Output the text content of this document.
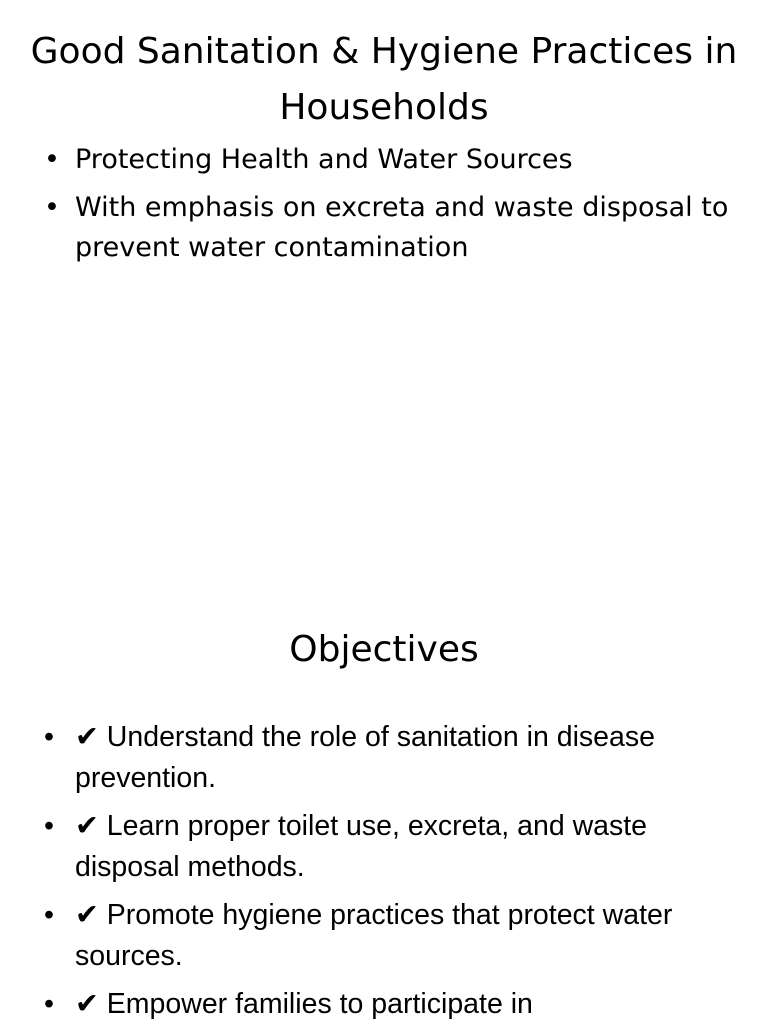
Good Sanitation & Hygiene Practices in Households
• Protecting Health and Water Sources
• With emphasis on excreta and waste disposal to prevent water contamination
Objectives
• ✔ Understand the role of sanitation in disease prevention.
• ✔ Learn proper toilet use, excreta, and waste disposal methods.
• ✔ Promote hygiene practices that protect water sources.
• ✔ Empower families to participate in
